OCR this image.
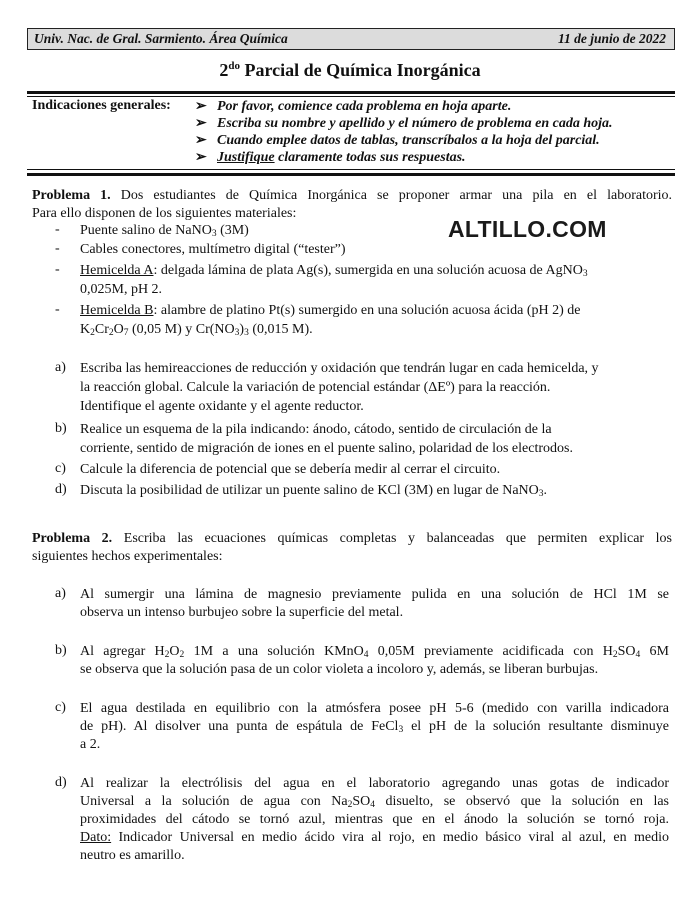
Univ. Nac. de Gral. Sarmiento. Área Química	11 de junio de 2022
$2^{do}$ Parcial de Química Inorgánica
Indicaciones generales: ➢ Por favor, comience cada problema en hoja aparte.
➢ Escriba su nombre y apellido y el número de problema en cada hoja.
➢ Cuando emplee datos de tablas, transcríbalos a la hoja del parcial.
➢ Justifique claramente todas sus respuestas.
Problema 1. Dos estudiantes de Química Inorgánica se proponer armar una pila en el laboratorio.
Para ello disponen de los siguientes materiales:
- Puente salino de NaNO$_3$ (3M)	ALTILLO.COM
- Cables conectores, multímetro digital (“tester”)
- Hemicelda A: delgada lámina de plata Ag(s), sumergida en una solución acuosa de AgNO$_3$
0,025M, pH 2.
- Hemicelda B: alambre de platino Pt(s) sumergido en una solución acuosa ácida (pH 2) de
$K_2Cr_2O_7$ (0,05 M) y $Cr(NO_3)_3$ (0,015 M).
a) Escriba las hemireacciones de reducción y oxidación que tendrán lugar en cada hemicelda, y
la reacción global. Calcule la variación de potencial estándar (ΔEº) para la reacción.
Identifique el agente oxidante y el agente reductor.
b) Realice un esquema de la pila indicando: ánodo, cátodo, sentido de circulación de la
corriente, sentido de migración de iones en el puente salino, polaridad de los electrodos.
c) Calcule la diferencia de potencial que se debería medir al cerrar el circuito.
d) Discuta la posibilidad de utilizar un puente salino de KCl (3M) en lugar de NaNO$_3$.
Problema 2. Escriba las ecuaciones químicas completas y balanceadas que permiten explicar los
siguientes hechos experimentales:
a) Al sumergir una lámina de magnesio previamente pulida en una solución de HCl 1M se
observa un intenso burbujeo sobre la superficie del metal.
b) Al agregar $H_2O_2$ 1M a una solución KMnO$_4$ 0,05M previamente acidificada con $H_2SO_4$ 6M
se observa que la solución pasa de un color violeta a incoloro y, además, se liberan burbujas.
c) El agua destilada en equilibrio con la atmósfera posee pH 5-6 (medido con varilla indicadora
de pH). Al disolver una punta de espátula de FeCl$_3$ el pH de la solución resultante disminuye
a 2.
d) Al realizar la electrólisis del agua en el laboratorio agregando unas gotas de indicador
Universal a la solución de agua con $Na_2SO_4$ disuelto, se observó que la solución en las
proximidades del cátodo se tornó azul, mientras que en el ánodo la solución se tornó roja.
Dato: Indicador Universal en medio ácido vira al rojo, en medio básico viral al azul, en medio
neutro es amarillo.
